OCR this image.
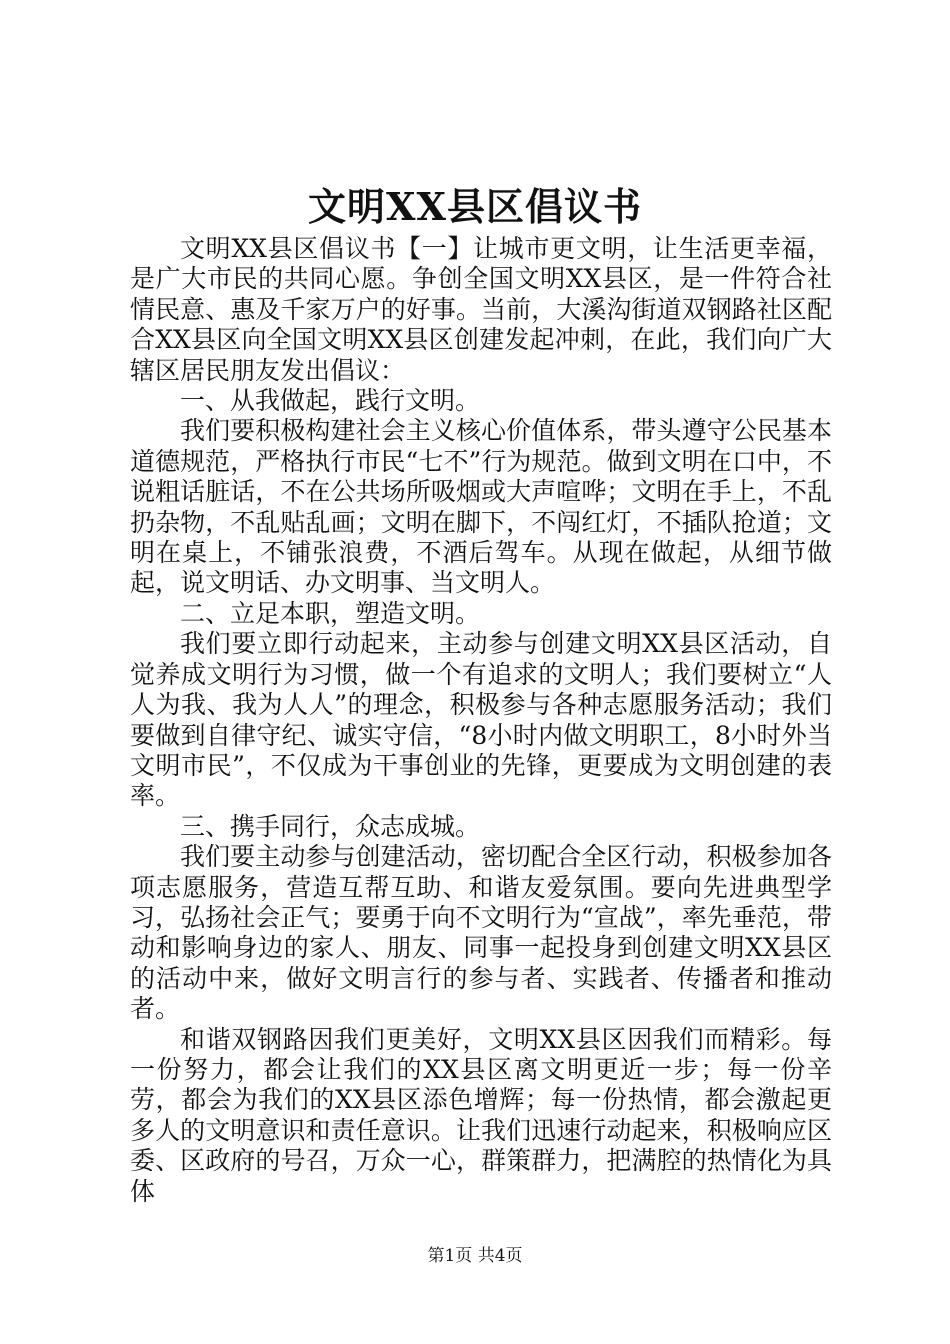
文明XX县区倡议书

文明XX县区倡议书【一】让城市更文明，让生活更幸福，是广大市民的共同心愿。争创全国文明XX县区，是一件符合社情民意、惠及千家万户的好事。当前，大溪沟街道双钢路社区配合XX县区向全国文明XX县区创建发起冲刺，在此，我们向广大辖区居民朋友发出倡议：

一、从我做起，践行文明。

我们要积极构建社会主义核心价值体系，带头遵守公民基本道德规范，严格执行市民“七不”行为规范。做到文明在口中，不说粗话脏话，不在公共场所吸烟或大声喧哗；文明在手上，不乱扔杂物，不乱贴乱画；文明在脚下，不闯红灯，不插队抢道；文明在桌上，不铺张浪费，不酒后驾车。从现在做起，从细节做起，说文明话、办文明事、当文明人。

二、立足本职，塑造文明。

我们要立即行动起来，主动参与创建文明XX县区活动，自觉养成文明行为习惯，做一个有追求的文明人；我们要树立“人人为我、我为人人”的理念，积极参与各种志愿服务活动；我们要做到自律守纪、诚实守信，“8小时内做文明职工，8小时外当文明市民”，不仅成为干事创业的先锋，更要成为文明创建的表率。

三、携手同行，众志成城。

我们要主动参与创建活动，密切配合全区行动，积极参加各项志愿服务，营造互帮互助、和谐友爱氛围。要向先进典型学习，弘扬社会正气；要勇于向不文明行为“宣战”，率先垂范，带动和影响身边的家人、朋友、同事一起投身到创建文明XX县区的活动中来，做好文明言行的参与者、实践者、传播者和推动者。

和谐双钢路因我们更美好，文明XX县区因我们而精彩。每一份努力，都会让我们的XX县区离文明更近一步；每一份辛劳，都会为我们的XX县区添色增辉；每一份热情，都会激起更多人的文明意识和责任意识。让我们迅速行动起来，积极响应区委、区政府的号召，万众一心，群策群力，把满腔的热情化为具体

第1页 共4页
